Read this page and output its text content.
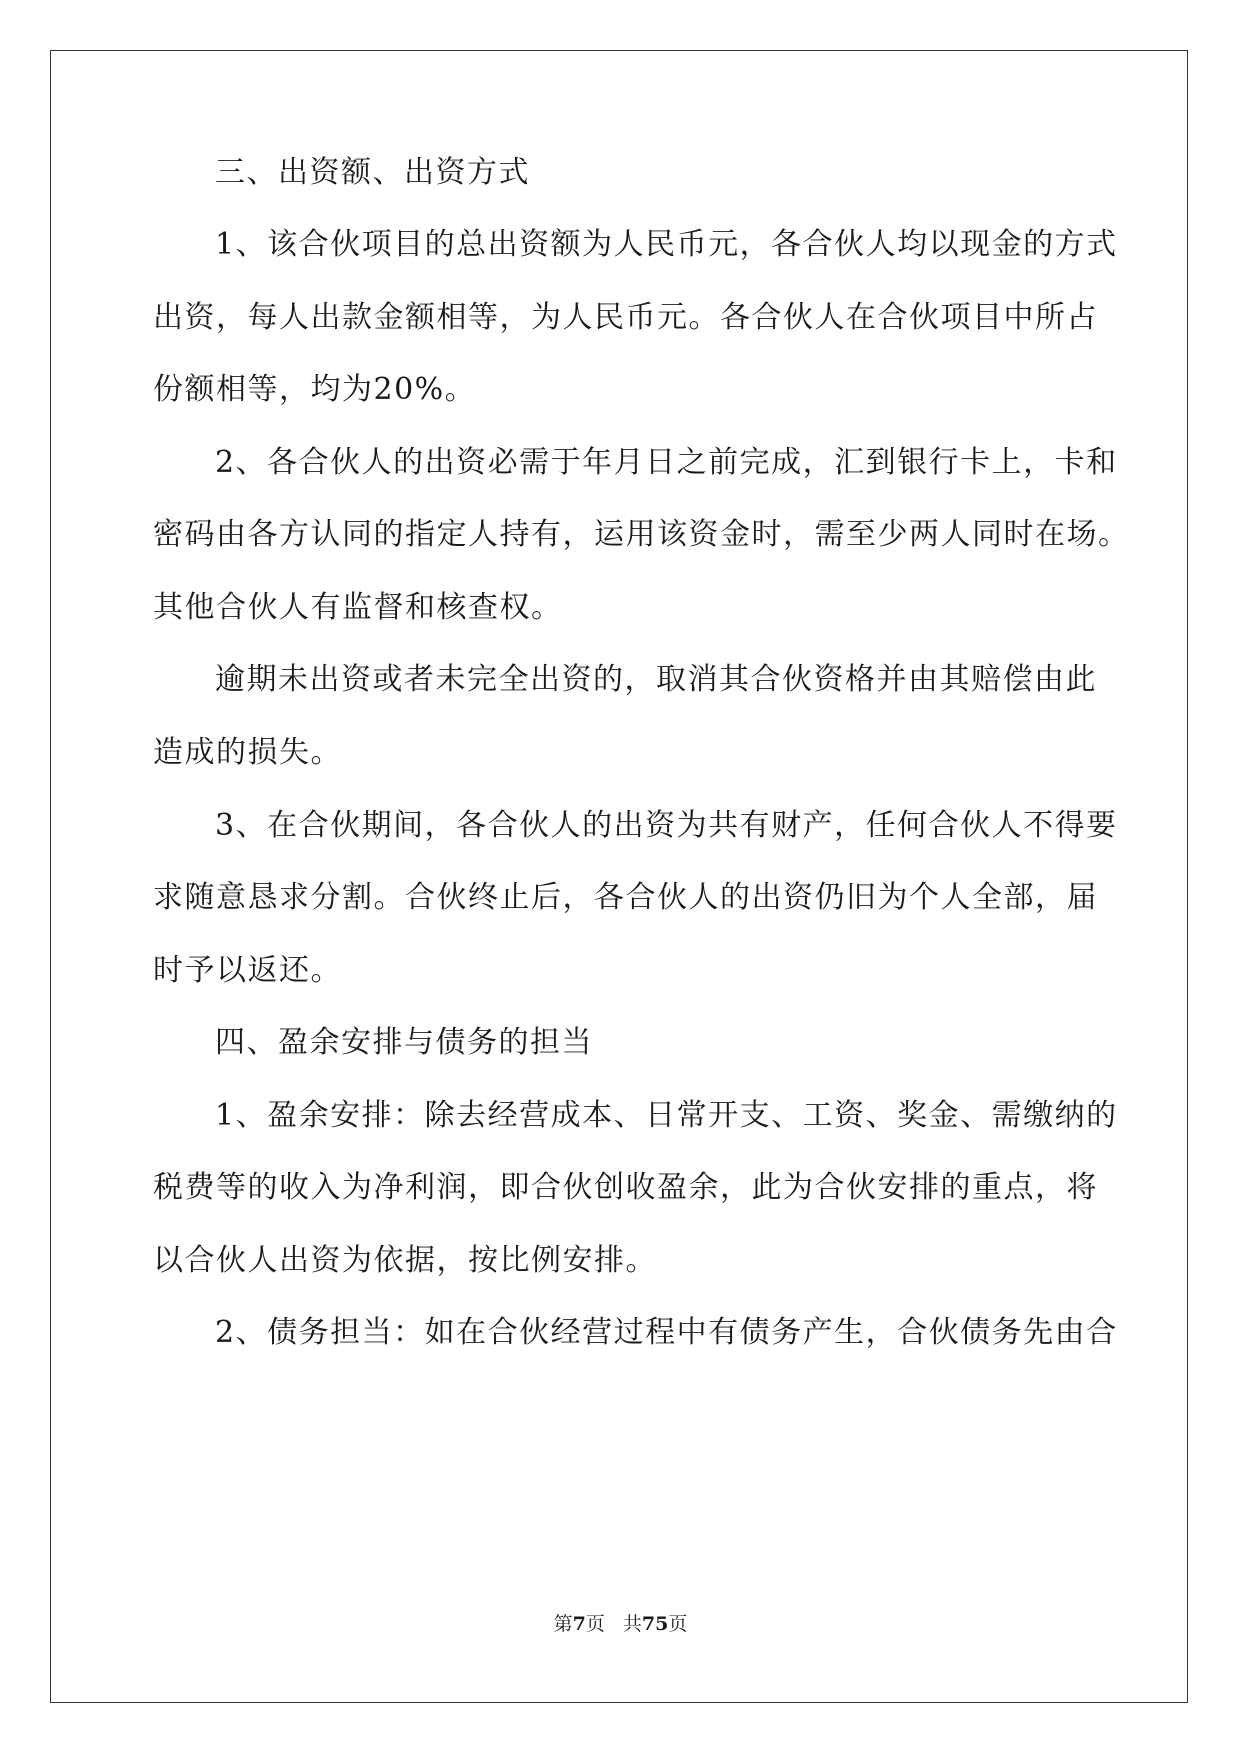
三、出资额、出资方式
1、该合伙项目的总出资额为人民币元，各合伙人均以现金的方式
出资，每人出款金额相等，为人民币元。各合伙人在合伙项目中所占
份额相等，均为20%。
2、各合伙人的出资必需于年月日之前完成，汇到银行卡上，卡和
密码由各方认同的指定人持有，运用该资金时，需至少两人同时在场。
其他合伙人有监督和核查权。
逾期未出资或者未完全出资的，取消其合伙资格并由其赔偿由此
造成的损失。
3、在合伙期间，各合伙人的出资为共有财产，任何合伙人不得要
求随意恳求分割。合伙终止后，各合伙人的出资仍旧为个人全部，届
时予以返还。
四、盈余安排与债务的担当
1、盈余安排：除去经营成本、日常开支、工资、奖金、需缴纳的
税费等的收入为净利润，即合伙创收盈余，此为合伙安排的重点，将
以合伙人出资为依据，按比例安排。
2、债务担当：如在合伙经营过程中有债务产生，合伙债务先由合
第7页 共75页
